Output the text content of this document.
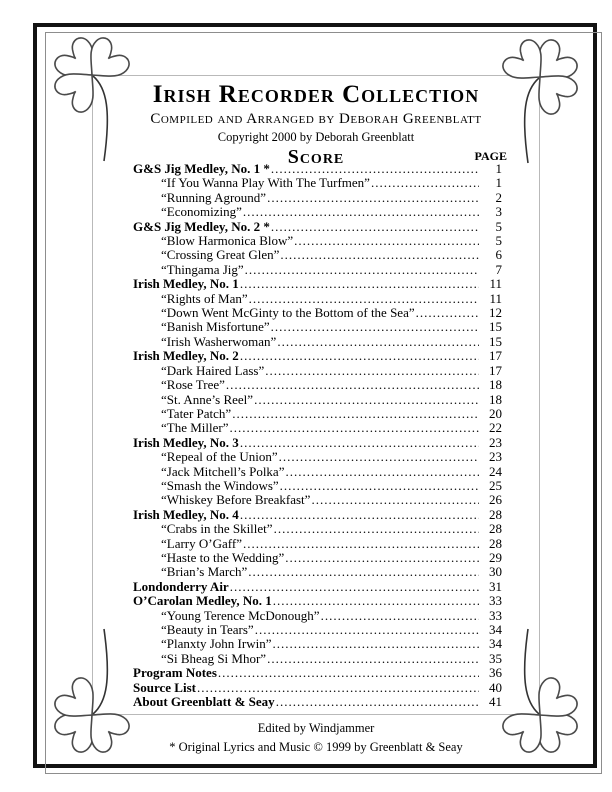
Irish Recorder Collection
Compiled and Arranged by Deborah Greenblatt
Copyright 2000 by Deborah Greenblatt
Score	PAGE
G&S Jig Medley, No. 1 * .....	1
“If You Wanna Play With The Turfmen” .....	1
“Running Aground” .....	2
“Economizing” .....	3
G&S Jig Medley, No. 2 * .....	5
“Blow Harmonica Blow” .....	5
“Crossing Great Glen” .....	6
“Thingama Jig” .....	7
Irish Medley, No. 1 .....	11
“Rights of Man” .....	11
“Down Went McGinty to the Bottom of the Sea” .....	12
“Banish Misfortune” .....	15
“Irish Washerwoman” .....	15
Irish Medley, No. 2 .....	17
“Dark Haired Lass” .....	17
“Rose Tree” .....	18
“St. Anne’s Reel” .....	18
“Tater Patch” .....	20
“The Miller” .....	22
Irish Medley, No. 3 .....	23
“Repeal of the Union” .....	23
“Jack Mitchell’s Polka” .....	24
“Smash the Windows” .....	25
“Whiskey Before Breakfast” .....	26
Irish Medley, No. 4 .....	28
“Crabs in the Skillet” .....	28
“Larry O’Gaff” .....	28
“Haste to the Wedding” .....	29
“Brian’s March” .....	30
Londonderry Air .....	31
O’Carolan Medley, No. 1 .....	33
“Young Terence McDonough” .....	33
“Beauty in Tears” .....	34
“Planxty John Irwin” .....	34
“Si Bheag Si Mhor” .....	35
Program Notes .....	36
Source List .....	40
About Greenblatt & Seay .....	41
Edited by Windjammer
* Original Lyrics and Music © 1999 by Greenblatt & Seay
